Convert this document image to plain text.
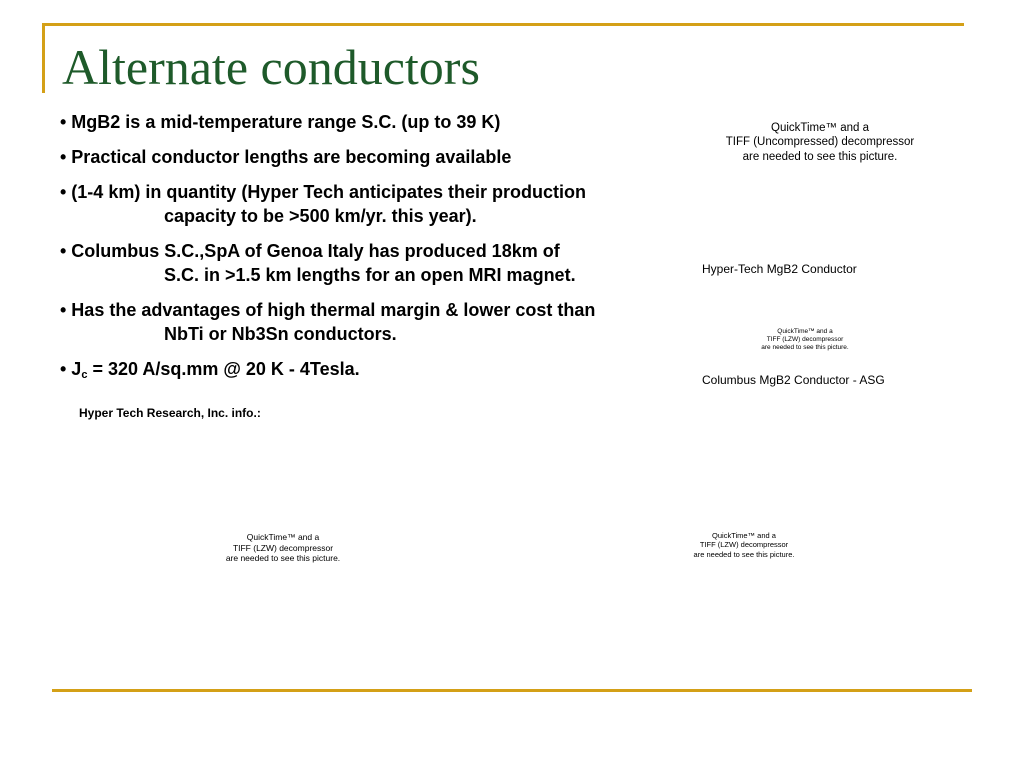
Alternate conductors
• MgB2 is a mid-temperature range S.C. (up to 39 K)
• Practical conductor lengths are becoming available
• (1-4 km) in quantity (Hyper Tech anticipates their production
capacity to be >500 km/yr. this year).
• Columbus S.C.,SpA of Genoa Italy has produced 18km of
S.C. in >1.5 km lengths for an open MRI magnet.
• Has the advantages of high thermal margin & lower cost than
NbTi or Nb3Sn conductors.
• $J_c = 320$ A/sq.mm @ 20 K - 4Tesla.

Hyper Tech Research, Inc. info.:

QuickTime™ and a
TIFF (Uncompressed) decompressor
are needed to see this picture.

Hyper-Tech MgB2 Conductor

QuickTime™ and a
TIFF (LZW) decompressor
are needed to see this picture.

Columbus MgB2 Conductor - ASG

QuickTime™ and a
TIFF (LZW) decompressor
are needed to see this picture.
QuickTime™ and a
TIFF (LZW) decompressor
are needed to see this picture.
